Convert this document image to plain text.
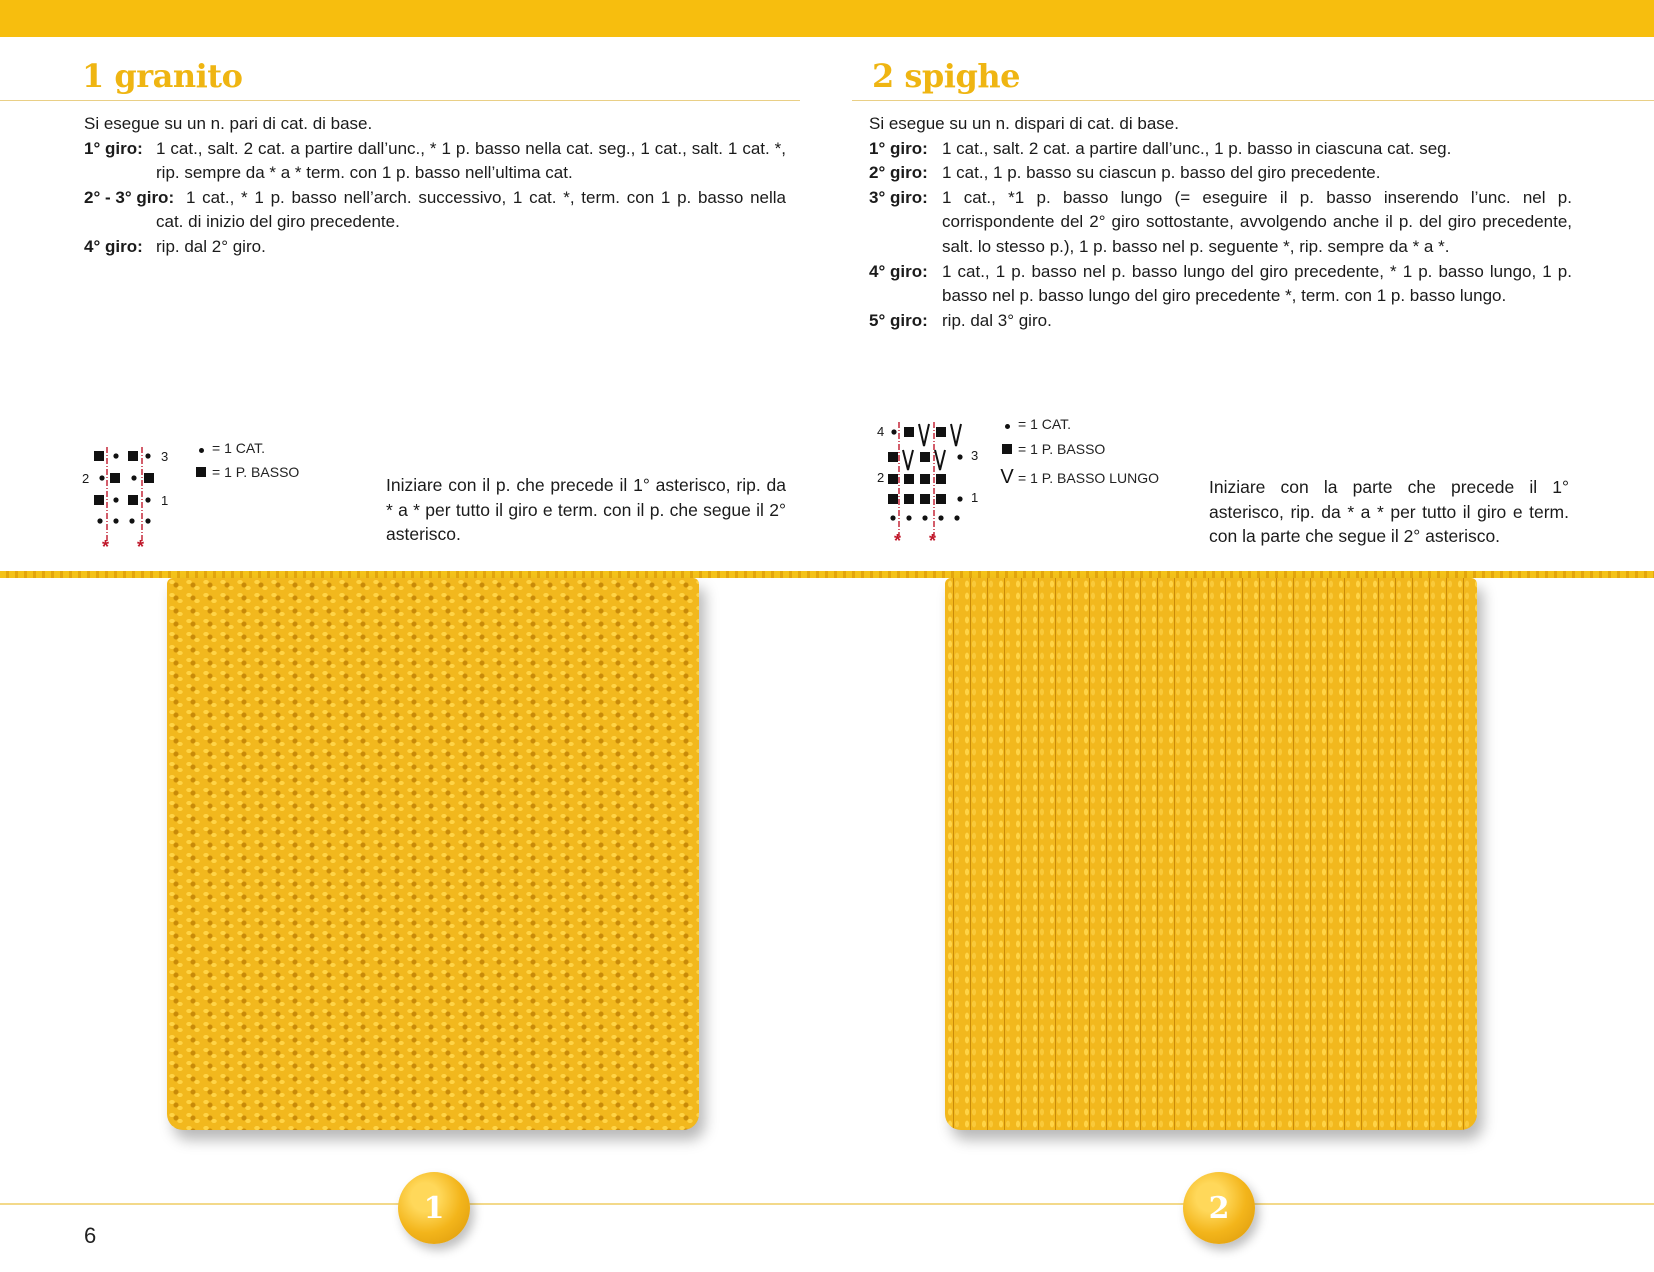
1 granito
Si esegue su un n. pari di cat. di base.
1° giro: 1 cat., salt. 2 cat. a partire dall’unc., * 1 p. basso nella cat. seg., 1 cat., salt. 1 cat. *, rip. sempre da * a * term. con 1 p. basso nell’ultima cat.
2° - 3° giro: 1 cat., * 1 p. basso nell’arch. successivo, 1 cat. *, term. con 1 p. basso nella cat. di inizio del giro precedente.
4° giro: rip. dal 2° giro.
* *
3
2
1
= 1 CAT.
= 1 P. BASSO
Iniziare con il p. che precede il 1° asterisco, rip. da * a * per tutto il giro e term. con il p. che segue il 2° asterisco.
2 spighe
Si esegue su un n. dispari di cat. di base.
1° giro: 1 cat., salt. 2 cat. a partire dall’unc., 1 p. basso in ciascuna cat. seg.
2° giro: 1 cat., 1 p. basso su ciascun p. basso del giro precedente.
3° giro: 1 cat., *1 p. basso lungo (= eseguire il p. basso inserendo l’unc. nel p. corrispondente del 2° giro sottostante, avvolgendo anche il p. del giro precedente, salt. lo stesso p.), 1 p. basso nel p. seguente *, rip. sempre da * a *.
4° giro: 1 cat., 1 p. basso nel p. basso lungo del giro precedente, * 1 p. basso lungo, 1 p. basso nel p. basso lungo del giro precedente *, term. con 1 p. basso lungo.
5° giro: rip. dal 3° giro.
* *
4
3
2
1
= 1 CAT.
= 1 P. BASSO
V = 1 P. BASSO LUNGO	Iniziare con la parte che precede il 1° asterisco, rip. da * a * per tutto il giro e term. con la parte che segue il 2° asterisco.
1	2
6
